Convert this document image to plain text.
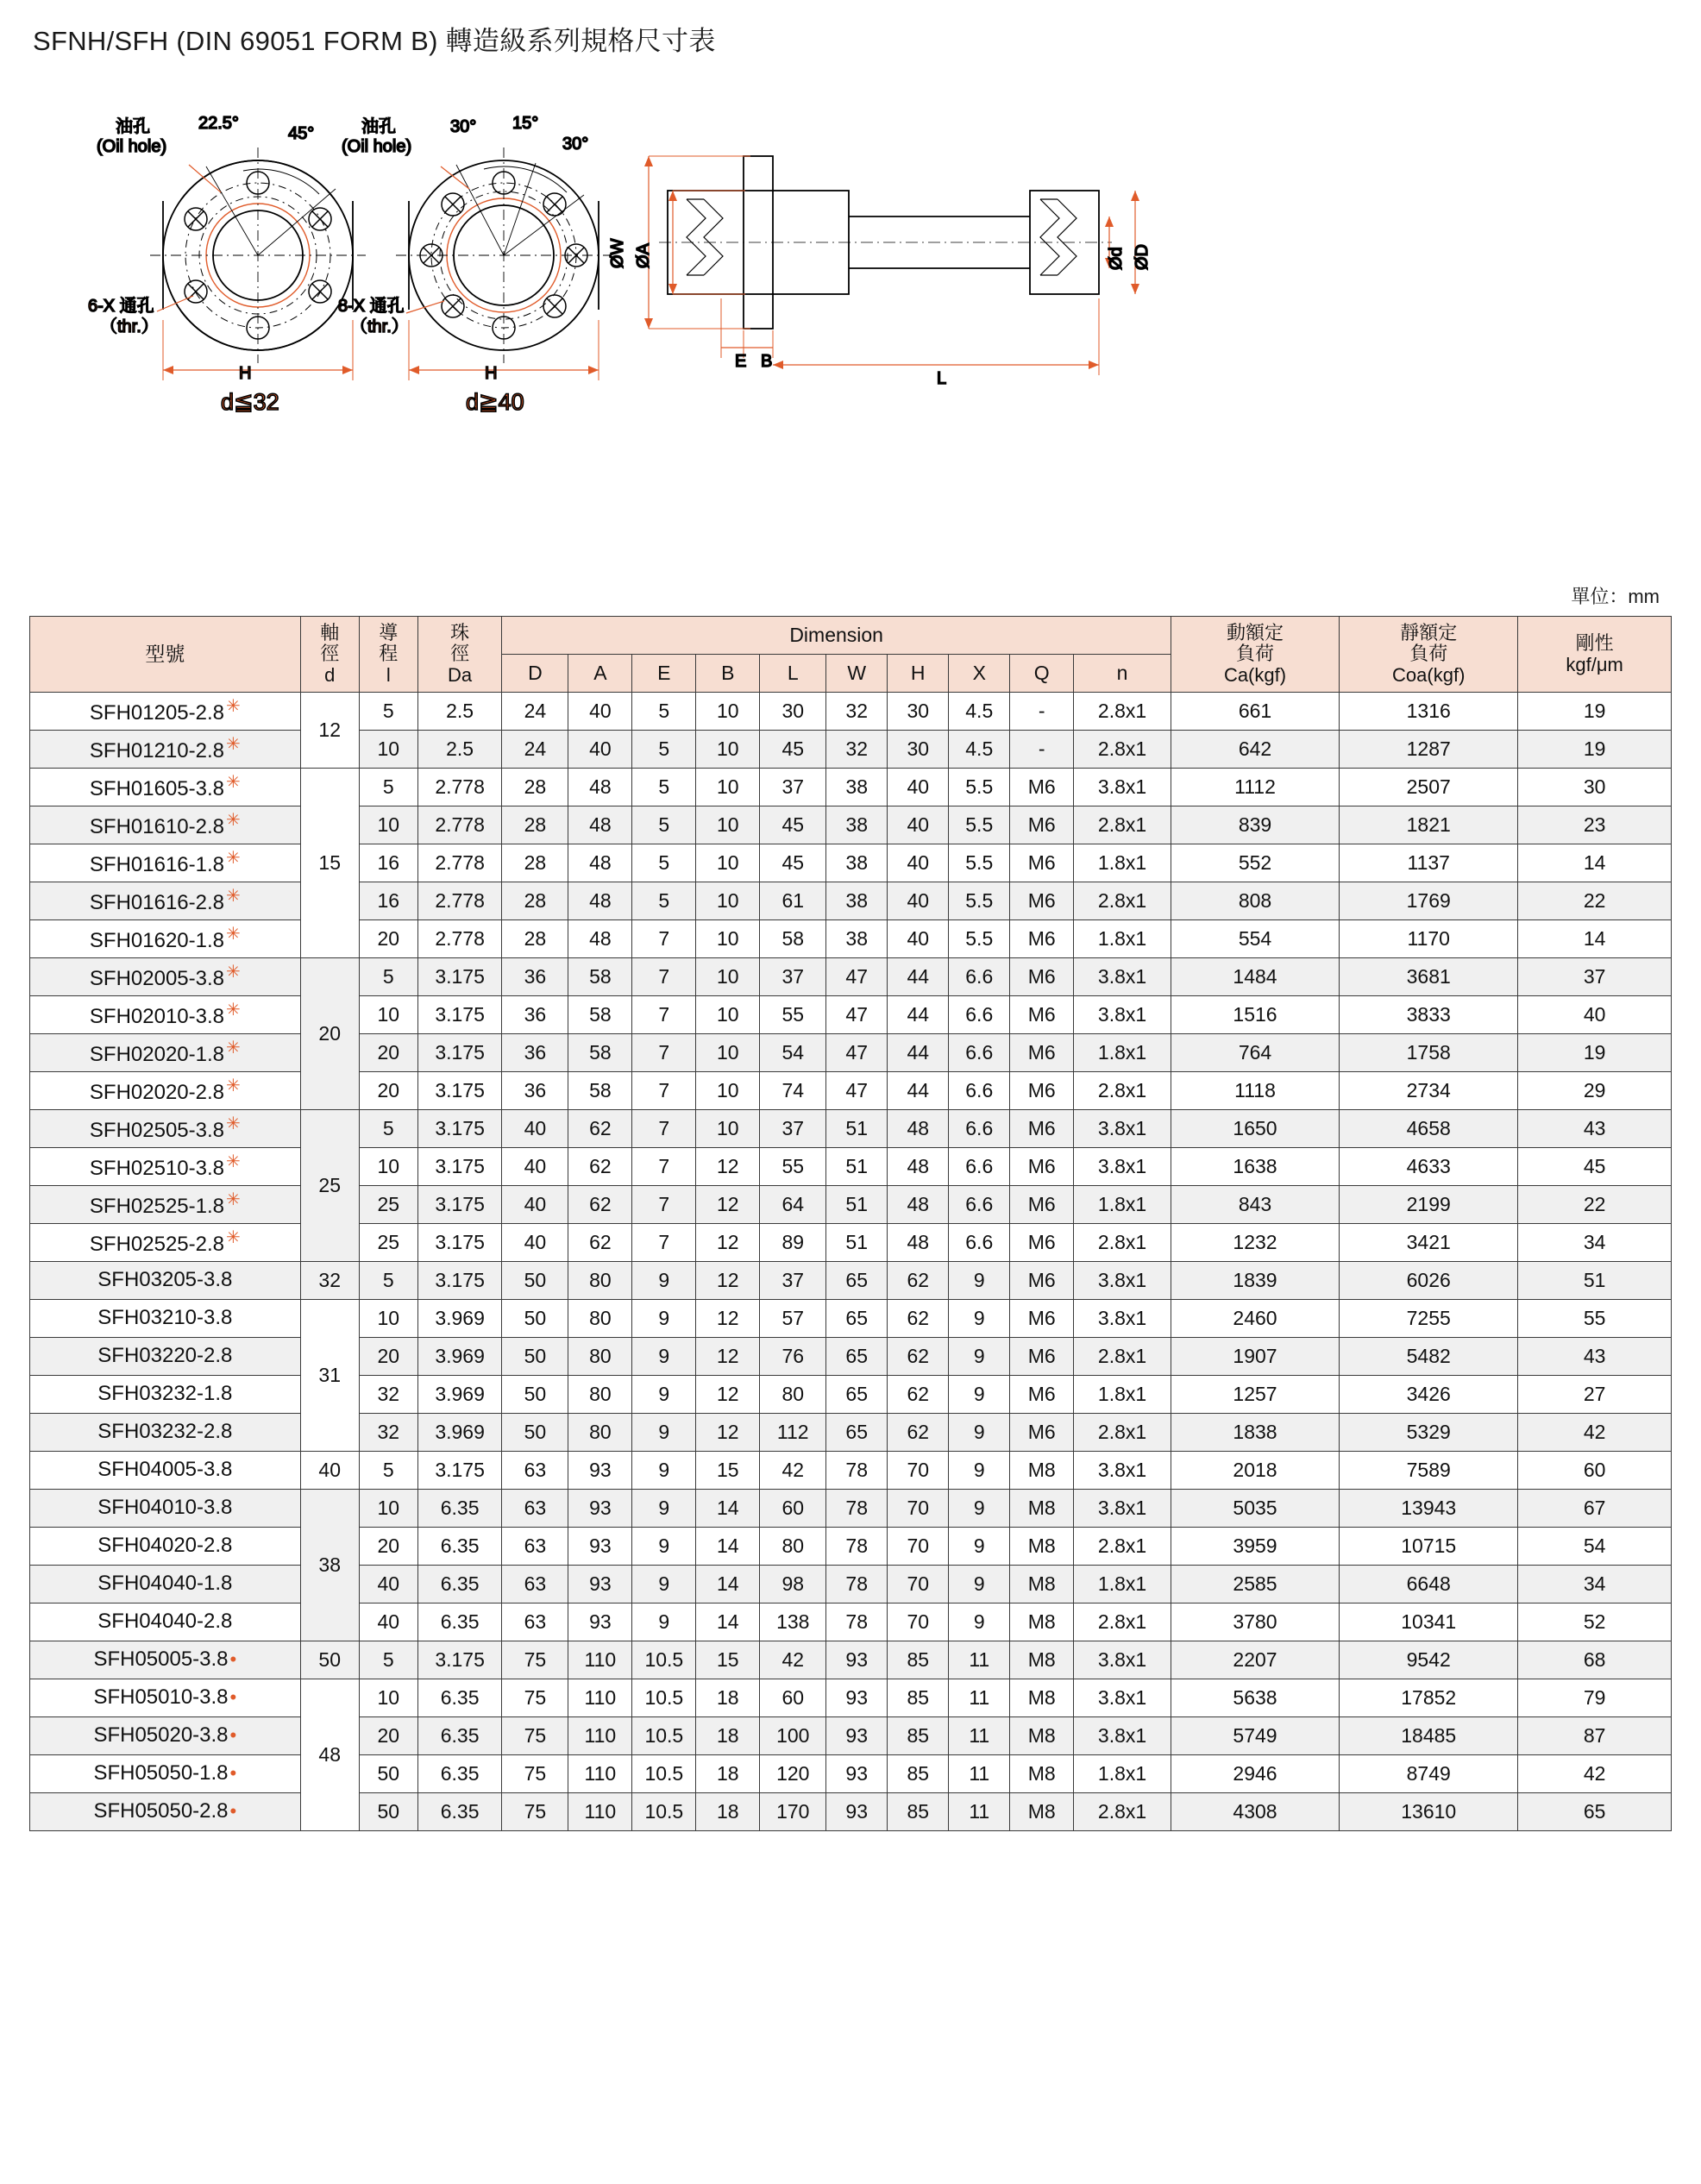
SFNH/SFH (DIN 69051 FORM B) 轉造級系列規格尺寸表
油孔
(Oil hole)
22.5°
45°
6-X 通孔
（thr.）
H
d≦32
油孔
(Oil hole)
30° 15°
30°
8-X 通孔
（thr.）
H
d≧40
ØW ØA	Ød ØD
E B
L
單位：mm
型號	軸
徑
d	導
程
l	珠
徑
Da	Dimension										動額定
負荷
Ca(kgf)	靜額定
負荷
Coa(kgf)	剛性
kgf/μm

				D	A	E	B	L	W	H	X	Q	n			
SFH01205-2.8 ✳	12	5	2.5	24	40	5	10	30	32	30	4.5	-	2.8x1	661	1316	19
SFH01210-2.8 ✳		10	2.5	24	40	5	10	45	32	30	4.5	-	2.8x1	642	1287	19
SFH01605-3.8 ✳	15	5	2.778	28	48	5	10	37	38	40	5.5	M6	3.8x1	1112	2507	30
SFH01610-2.8 ✳		10	2.778	28	48	5	10	45	38	40	5.5	M6	2.8x1	839	1821	23
SFH01616-1.8 ✳		16	2.778	28	48	5	10	45	38	40	5.5	M6	1.8x1	552	1137	14
SFH01616-2.8 ✳		16	2.778	28	48	5	10	61	38	40	5.5	M6	2.8x1	808	1769	22
SFH01620-1.8 ✳		20	2.778	28	48	7	10	58	38	40	5.5	M6	1.8x1	554	1170	14
SFH02005-3.8 ✳	20	5	3.175	36	58	7	10	37	47	44	6.6	M6	3.8x1	1484	3681	37
SFH02010-3.8 ✳		10	3.175	36	58	7	10	55	47	44	6.6	M6	3.8x1	1516	3833	40
SFH02020-1.8 ✳		20	3.175	36	58	7	10	54	47	44	6.6	M6	1.8x1	764	1758	19
SFH02020-2.8 ✳		20	3.175	36	58	7	10	74	47	44	6.6	M6	2.8x1	1118	2734	29
SFH02505-3.8 ✳	25	5	3.175	40	62	7	10	37	51	48	6.6	M6	3.8x1	1650	4658	43
SFH02510-3.8 ✳		10	3.175	40	62	7	12	55	51	48	6.6	M6	3.8x1	1638	4633	45
SFH02525-1.8 ✳		25	3.175	40	62	7	12	64	51	48	6.6	M6	1.8x1	843	2199	22
SFH02525-2.8 ✳		25	3.175	40	62	7	12	89	51	48	6.6	M6	2.8x1	1232	3421	34
SFH03205-3.8	32	5	3.175	50	80	9	12	37	65	62	9	M6	3.8x1	1839	6026	51
SFH03210-3.8	31	10	3.969	50	80	9	12	57	65	62	9	M6	3.8x1	2460	7255	55
SFH03220-2.8		20	3.969	50	80	9	12	76	65	62	9	M6	2.8x1	1907	5482	43
SFH03232-1.8		32	3.969	50	80	9	12	80	65	62	9	M6	1.8x1	1257	3426	27
SFH03232-2.8		32	3.969	50	80	9	12	112	65	62	9	M6	2.8x1	1838	5329	42
SFH04005-3.8	40	5	3.175	63	93	9	15	42	78	70	9	M8	3.8x1	2018	7589	60
SFH04010-3.8	38	10	6.35	63	93	9	14	60	78	70	9	M8	3.8x1	5035	13943	67
SFH04020-2.8		20	6.35	63	93	9	14	80	78	70	9	M8	2.8x1	3959	10715	54
SFH04040-1.8		40	6.35	63	93	9	14	98	78	70	9	M8	1.8x1	2585	6648	34
SFH04040-2.8		40	6.35	63	93	9	14	138	78	70	9	M8	2.8x1	3780	10341	52
SFH05005-3.8•	50	5	3.175	75	110	10.5	15	42	93	85	11	M8	3.8x1	2207	9542	68
SFH05010-3.8•	48	10	6.35	75	110	10.5	18	60	93	85	11	M8	3.8x1	5638	17852	79
SFH05020-3.8•		20	6.35	75	110	10.5	18	100	93	85	11	M8	3.8x1	5749	18485	87
SFH05050-1.8•		50	6.35	75	110	10.5	18	120	93	85	11	M8	1.8x1	2946	8749	42
SFH05050-2.8•		50	6.35	75	110	10.5	18	170	93	85	11	M8	2.8x1	4308	13610	65
